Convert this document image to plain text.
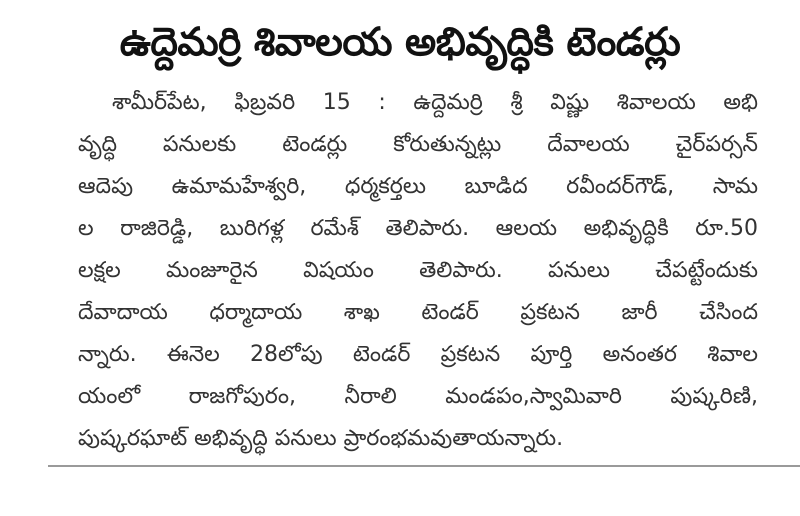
ఉద్దెమర్రి శివాలయ అభివృద్ధికి టెండర్లు
శామీర్‌పేట, ఫిబ్రవరి 15 : ఉద్దెమర్రి శ్రీ విష్ణు శివాలయ అభి
వృద్ధి పనులకు టెండర్లు కోరుతున్నట్లు దేవాలయ చైర్‌పర్సన్
ఆదెపు ఉమామహేశ్వరి, ధర్మకర్తలు బూడిద రవీందర్‌గౌడ్, సామ
ల రాజిరెడ్డి, బురిగళ్ల రమేశ్ తెలిపారు. ఆలయ అభివృద్ధికి రూ.50
లక్షల మంజూరైన విషయం తెలిపారు. పనులు చేపట్టేందుకు
దేవాదాయ ధర్మాదాయ శాఖ టెండర్ ప్రకటన జారీ చేసింద
న్నారు. ఈనెల 28లోపు టెండర్ ప్రకటన పూర్తి అనంతర శివాల
యంలో రాజగోపురం, నీరాలి మండపం,స్వామివారి పుష్కరిణి,
పుష్కరఘాట్ అభివృద్ధి పనులు ప్రారంభమవుతాయన్నారు.
